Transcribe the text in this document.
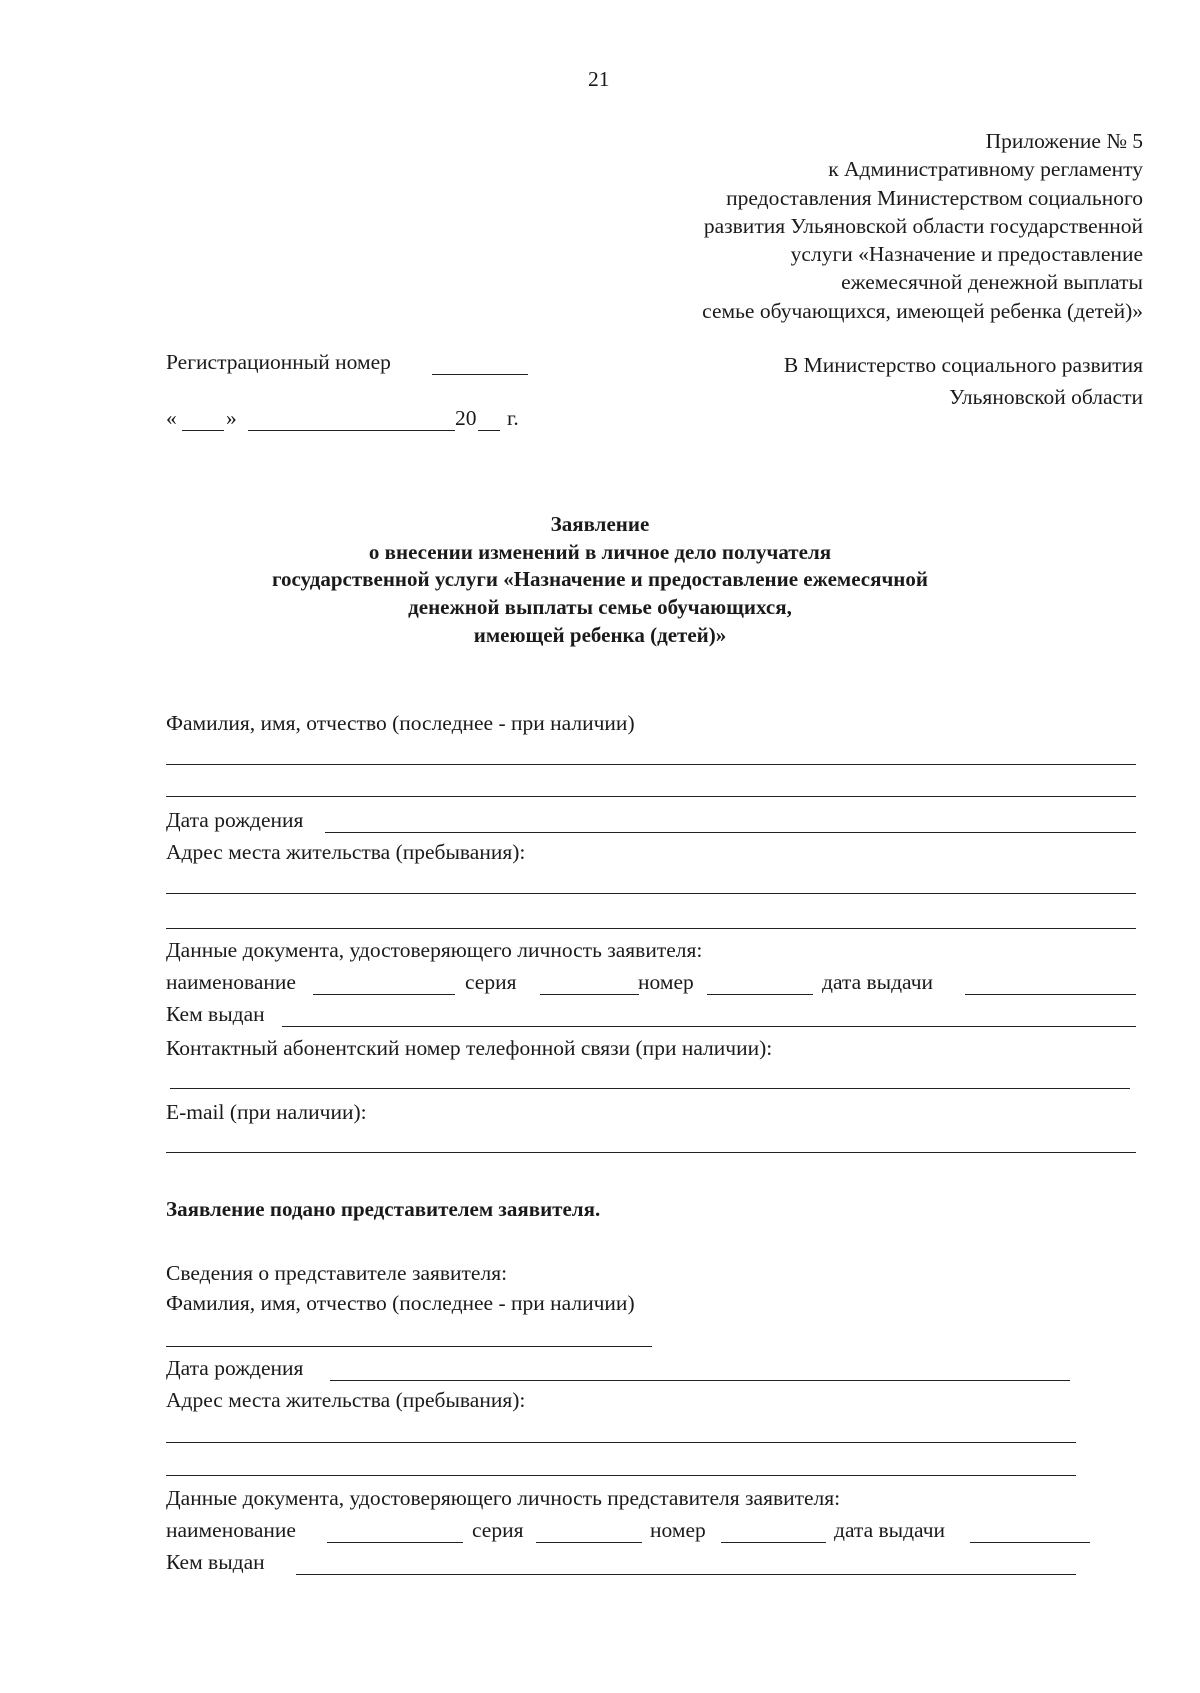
21
Приложение № 5
к Административному регламенту
предоставления Министерством социального
развития Ульяновской области государственной
услуги «Назначение и предоставление
ежемесячной денежной выплаты
семье обучающихся, имеющей ребенка (детей)»
Регистрационный номер
« »	20 г.
В Министерство социального развития
Ульяновской области
Заявление
о внесении изменений в личное дело получателя
государственной услуги «Назначение и предоставление ежемесячной
денежной выплаты семье обучающихся,
имеющей ребенка (детей)»
Фамилия, имя, отчество (последнее - при наличии)
Дата рождения
Адрес места жительства (пребывания):
Данные документа, удостоверяющего личность заявителя:
наименование	серия	номер	дата выдачи
Кем выдан
Контактный абонентский номер телефонной связи (при наличии):
E-mail (при наличии):
Заявление подано представителем заявителя.
Сведения о представителе заявителя:
Фамилия, имя, отчество (последнее - при наличии)
Дата рождения
Адрес места жительства (пребывания):
Данные документа, удостоверяющего личность представителя заявителя:
наименование	серия	номер	дата выдачи
Кем выдан
